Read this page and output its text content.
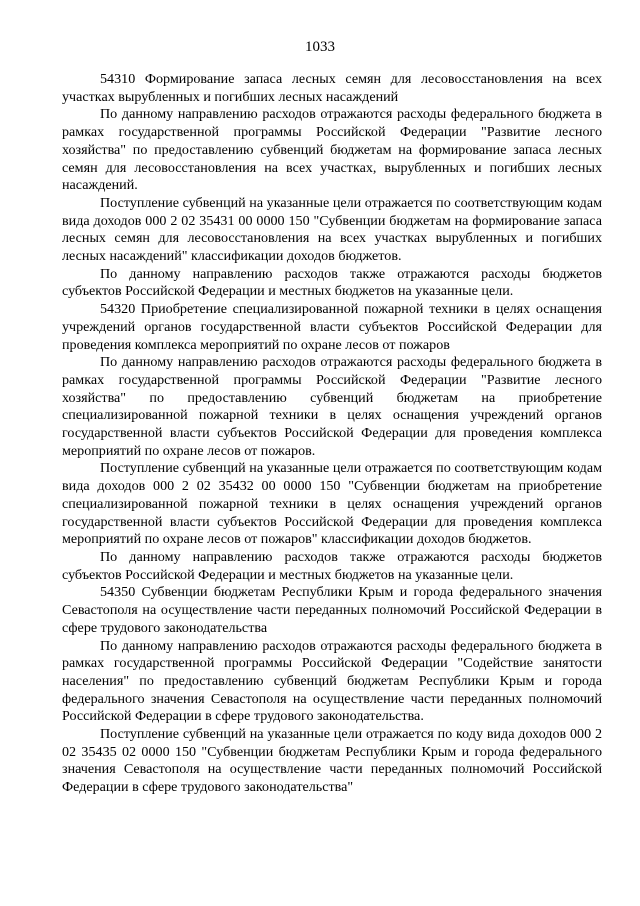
1033

54310 Формирование запаса лесных семян для лесовосстановления на всех участках вырубленных и погибших лесных насаждений

По данному направлению расходов отражаются расходы федерального бюджета в рамках государственной программы Российской Федерации "Развитие лесного хозяйства" по предоставлению субвенций бюджетам на формирование запаса лесных семян для лесовосстановления на всех участках, вырубленных и погибших лесных насаждений.

Поступление субвенций на указанные цели отражается по соответствующим кодам вида доходов 000 2 02 35431 00 0000 150 "Субвенции бюджетам на формирование запаса лесных семян для лесовосстановления на всех участках вырубленных и погибших лесных насаждений" классификации доходов бюджетов.

По данному направлению расходов также отражаются расходы бюджетов субъектов Российской Федерации и местных бюджетов на указанные цели.

54320 Приобретение специализированной пожарной техники в целях оснащения учреждений органов государственной власти субъектов Российской Федерации для проведения комплекса мероприятий по охране лесов от пожаров

По данному направлению расходов отражаются расходы федерального бюджета в рамках государственной программы Российской Федерации "Развитие лесного хозяйства" по предоставлению субвенций бюджетам на приобретение специализированной пожарной техники в целях оснащения учреждений органов государственной власти субъектов Российской Федерации для проведения комплекса мероприятий по охране лесов от пожаров.

Поступление субвенций на указанные цели отражается по соответствующим кодам вида доходов 000 2 02 35432 00 0000 150 "Субвенции бюджетам на приобретение специализированной пожарной техники в целях оснащения учреждений органов государственной власти субъектов Российской Федерации для проведения комплекса мероприятий по охране лесов от пожаров" классификации доходов бюджетов.

По данному направлению расходов также отражаются расходы бюджетов субъектов Российской Федерации и местных бюджетов на указанные цели.

54350 Субвенции бюджетам Республики Крым и города федерального значения Севастополя на осуществление части переданных полномочий Российской Федерации в сфере трудового законодательства

По данному направлению расходов отражаются расходы федерального бюджета в рамках государственной программы Российской Федерации "Содействие занятости населения" по предоставлению субвенций бюджетам Республики Крым и города федерального значения Севастополя на осуществление части переданных полномочий Российской Федерации в сфере трудового законодательства.

Поступление субвенций на указанные цели отражается по коду вида доходов 000 2 02 35435 02 0000 150 "Субвенции бюджетам Республики Крым и города федерального значения Севастополя на осуществление части переданных полномочий Российской Федерации в сфере трудового законодательства"
